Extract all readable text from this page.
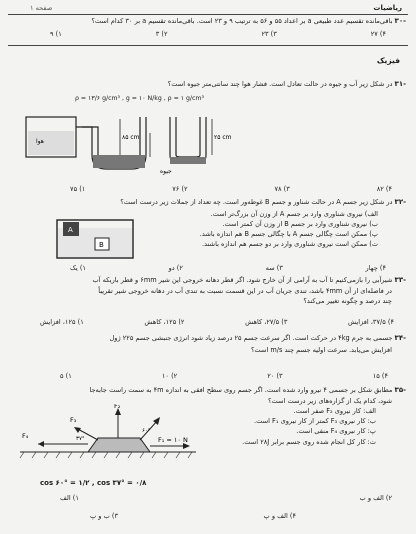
ریاضیات
صفحه ۱
-۳۰ باقی‌مانده تقسیم عدد طبیعی a بر اعداد ۵۵ و ۵۶ به ترتیب ۹ و ۲۳ است. باقی‌مانده تقسیم a بر ۳۰ کدام است؟
۱) ۹	۲) ۳	۳) ۲۳	۴) ۲۷
فیزیک
-۳۱ در شکل زیر آب و جیوه در حالت تعادل است. فشار هوا چند سانتی‌متر جیوه است؟
ρ = ۱۳/۶ g/cm³ , g = ۱۰ N/kg , ρ = ۱ g/cm³
۸۵ cm
هوا
جیوه
۲۵ cm
۱) ۷۵	۲) ۷۶	۳) ۷۸	۴) ۸۲
-۳۲ در شکل زیر جسم A در حالت شناور و جسم B غوطه‌ور است. چه تعداد از جملات زیر درست است؟
الف) نیروی شناوری وارد بر جسم A از وزن آن بزرگ‌تر است.
ب) نیروی شناوری وارد بر جسم B از وزن آن کمتر است.
پ) ممکن است چگالی جسم A با چگالی جسم B هم اندازه باشد.
ت) ممکن است نیروی شناوری وارد بر دو جسم هم اندازه باشند.
A
B
۱) یک	۲) دو	۳) سه	۴) چهار
-۳۳ شیرآبی را بازمی‌کنیم تا آب به آرامی از آن خارج شود. اگر قطر دهانه خروجی این شیر ۶mm و قطر باریکه آب
در فاصله‌ای از آن ۴mm باشد، تندی جریان آب در این قسمت نسبت به تندی آب در دهانه خروجی شیر تقریباً
چند درصد و چگونه تغییر می‌کند؟
۱) ۱۲۵، افزایش	۲) ۱۲۵، کاهش	۳) ۲۷/۵، کاهش	۴) ۳۷/۵، افزایش
-۳۴ جسمی به جرم ۴kg در حرکت است. اگر سرعت جسم ۲۵ درصد زیاد شود انرژی جنبشی جسم ۲۲۵ ژول
افزایش می‌یابد. سرعت اولیه جسم چند m/s است؟
۱) ۵	۲) ۱۰	۳) ۲۰	۴) ۱۵
-۳۵ مطابق شکل بر جسمی ۴ نیرو وارد شده است. اگر جسم روی سطح افقی به اندازه ۴m به سمت راست جابه‌جا
شود، کدام یک از گزاره‌های زیر درست است؟
الف: کار نیروی F₂ صفر است.
ب: کار نیروی F₃ کمتر از کار نیروی F₁ است.
پ: کار نیروی F₄ منفی است.
ت: کار کل انجام شده روی جسم برابر ۲۸J است.
F₄
F₃
F₂
F₁ = ۱۰ N
۳۷°
۶۰°
cos ۶۰° = ۱/۲ , cos ۳۷° = ۰/۸
۱) الف	۲) الف و ب
۳) ب و پ	۴) الف و پ
